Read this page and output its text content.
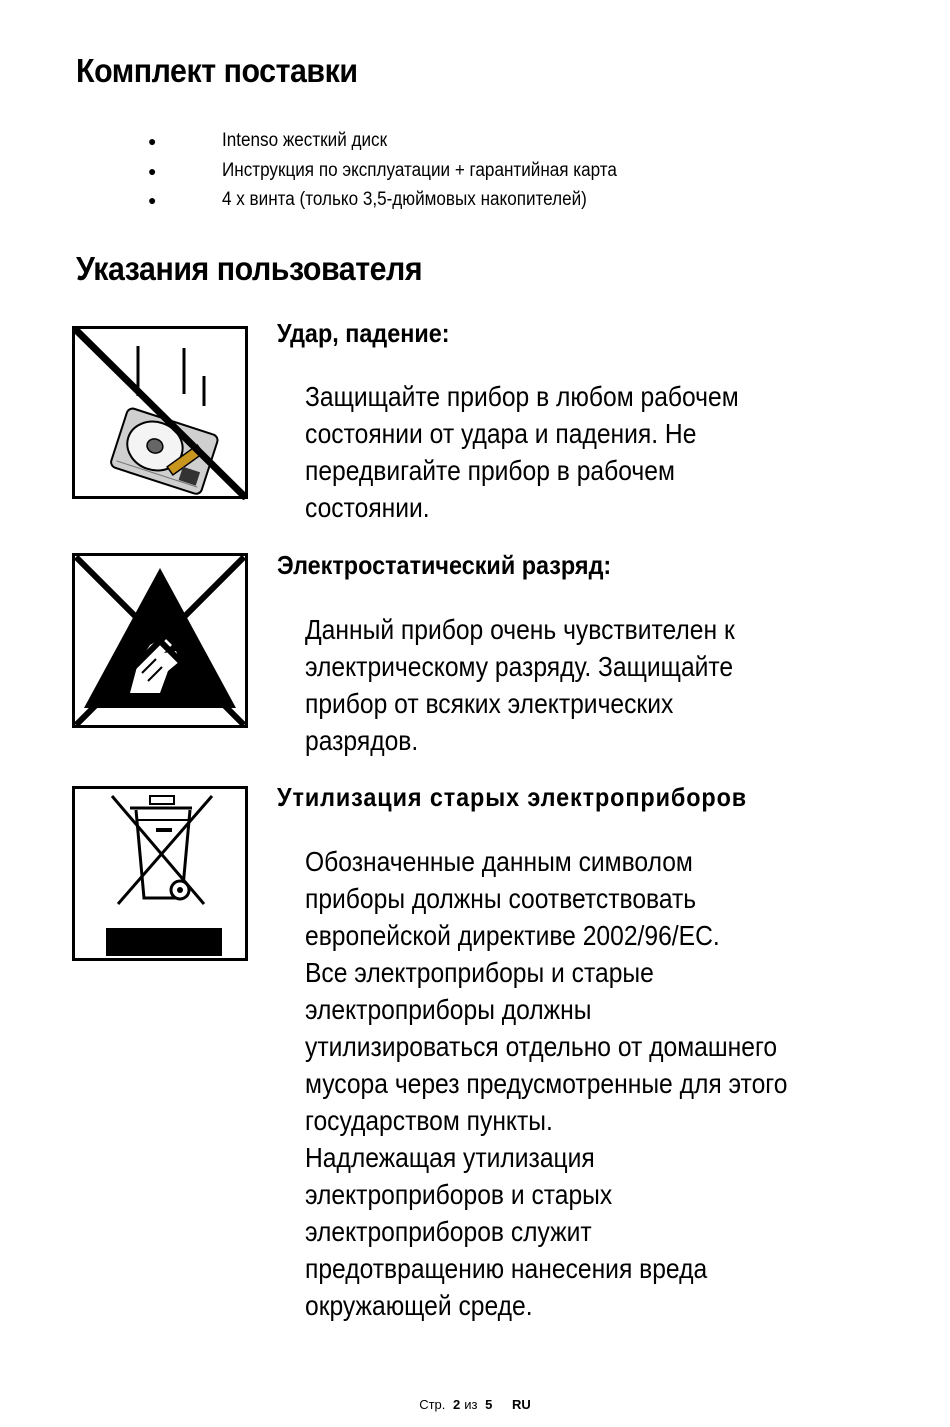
Комплект поставки
●	Intenso жесткий диск
●	Инструкция по эксплуатации + гарантийная карта
●	4 х винта (только 3,5-дюймовых накопителей)
Указания пользователя
Удар, падение:

Защищайте прибор в любом рабочем
состоянии от удара и падения. Не
передвигайте прибор в рабочем
состоянии.

Электростатический разряд:

Данный прибор очень чувствителен к
электрическому разряду. Защищайте
прибор от всяких электрических
разрядов.

Утилизация старых электроприборов

Обозначенные данным символом
приборы должны соответствовать
европейской директиве 2002/96/EC.
Все электроприборы и старые
электроприборы должны
утилизироваться отдельно от домашнего
мусора через предусмотренные для этого
государством пункты.
Надлежащая утилизация
электроприборов и старых
электроприборов служит
предотвращению нанесения вреда
окружающей среде.

Стр. 2 из 5 RU
